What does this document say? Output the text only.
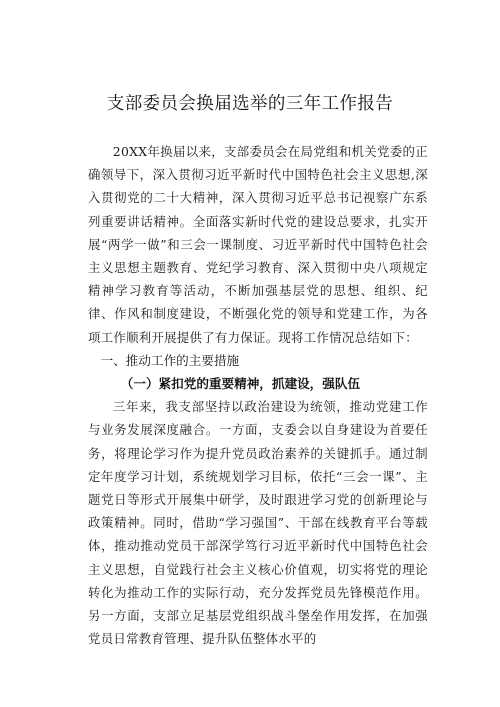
支部委员会换届选举的三年工作报告

20XX年换届以来，支部委员会在局党组和机关党委的正确领导下，深入贯彻习近平新时代中国特色社会主义思想,深入贯彻党的二十大精神，深入贯彻习近平总书记视察广东系列重要讲话精神。全面落实新时代党的建设总要求，扎实开展“两学一做”和三会一课制度、习近平新时代中国特色社会主义思想主题教育、党纪学习教育、深入贯彻中央八项规定精神学习教育等活动，不断加强基层党的思想、组织、纪律、作风和制度建设，不断强化党的领导和党建工作，为各项工作顺利开展提供了有力保证。现将工作情况总结如下：

一、推动工作的主要措施

（一）紧扣党的重要精神，抓建设，强队伍

三年来，我支部坚持以政治建设为统领，推动党建工作与业务发展深度融合。一方面，支委会以自身建设为首要任务，将理论学习作为提升党员政治素养的关键抓手。通过制定年度学习计划，系统规划学习目标，依托“三会一课”、主题党日等形式开展集中研学，及时跟进学习党的创新理论与政策精神。同时，借助“学习强国”、干部在线教育平台等载体，推动推动党员干部深学笃行习近平新时代中国特色社会主义思想，自觉践行社会主义核心价值观，切实将党的理论转化为推动工作的实际行动，充分发挥党员先锋模范作用。另一方面，支部立足基层党组织战斗堡垒作用发挥，在加强党员日常教育管理、提升队伍整体水平的
